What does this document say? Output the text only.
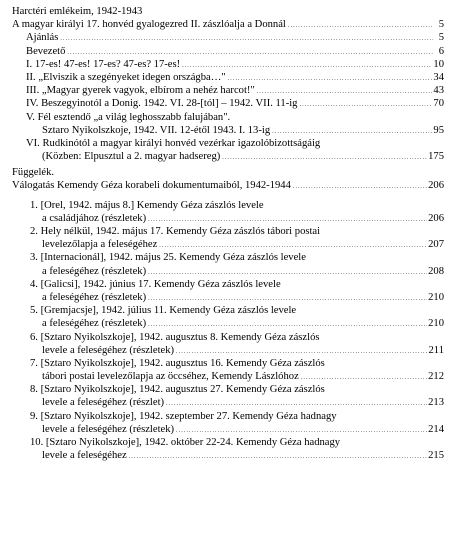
Harctéri emlékeim, 1942-1943
A magyar királyi 17. honvéd gyalogezred II. zászlóalja a Donnál . . .	5
Ajánlás . . .	5
Bevezető . . .	6
I. 17-es! 47-es! 17-es? 47-es? 17-es! . . .	10
II. „Elviszik a szegényeket idegen országba…" . . .	34
III. „Magyar gyerek vagyok, elbírom a nehéz harcot!" . . .	43
IV. Beszegyinotól a Donig. 1942. VI. 28-[tól] – 1942. VII. 11-ig . . .	70
V. Fél esztendő „a világ leghosszabb falujában".
Sztaro Nyikolszkoje, 1942. VII. 12-étől 1943. I. 13-ig . . .	95
VI. Rudkinótól a magyar királyi honvéd vezérkar igazolóbizottságáig
(Közben: Elpusztul a 2. magyar hadsereg) . . .	175
Függelék.
Válogatás Kemendy Géza korabeli dokumentumaiból, 1942-1944 . . .	206
1. [Orel, 1942. május 8.] Kemendy Géza zászlós levele
a családjához (részletek) . . .	206
2. Hely nélkül, 1942. május 17. Kemendy Géza zászlós tábori postai
levelezőlapja a feleségéhez . . .	207
3. [Internacionál], 1942. május 25. Kemendy Géza zászlós levele
a feleségéhez (részletek) . . .	208
4. [Galicsi], 1942. június 17. Kemendy Géza zászlós levele
a feleségéhez (részletek) . . .	210
5. [Gremjacsje], 1942. július 11. Kemendy Géza zászlós levele
a feleségéhez (részletek) . . .	210
6. [Sztaro Nyikolszkoje], 1942. augusztus 8. Kemendy Géza zászlós
levele a feleségéhez (részletek) . . .	211
7. [Sztaro Nyikolszkoje], 1942. augusztus 16. Kemendy Géza zászlós
tábori postai levelezőlapja az öccséhez, Kemendy Lászlóhoz . . .	212
8. [Sztaro Nyikolszkoje], 1942. augusztus 27. Kemendy Géza zászlós
levele a feleségéhez (részlet) . . .	213
9. [Sztaro Nyikolszkoje], 1942. szeptember 27. Kemendy Géza hadnagy
levele a feleségéhez (részletek) . . .	214
10. [Sztaro Nyikolszkoje], 1942. október 22-24. Kemendy Géza hadnagy
levele a feleségéhez . . .	215
